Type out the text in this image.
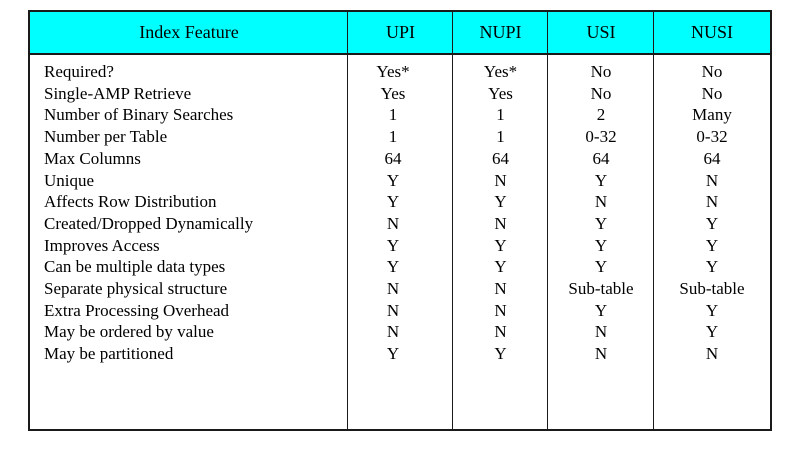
Index Feature	UPI	NUPI	USI	NUSI
Required?	Yes*	Yes*	No	No
Single-AMP Retrieve	Yes	Yes	No	No
Number of Binary Searches	1	1	2	Many
Number per Table	1	1	0-32	0-32
Max Columns	64	64	64	64
Unique	Y	N	Y	N
Affects Row Distribution	Y	Y	N	N
Created/Dropped Dynamically	N	N	Y	Y
Improves Access	Y	Y	Y	Y
Can be multiple data types	Y	Y	Y	Y
Separate physical structure	N	N	Sub-table	Sub-table
Extra Processing Overhead	N	N	Y	Y
May be ordered by value	N	N	N	Y
May be partitioned	Y	Y	N	N
